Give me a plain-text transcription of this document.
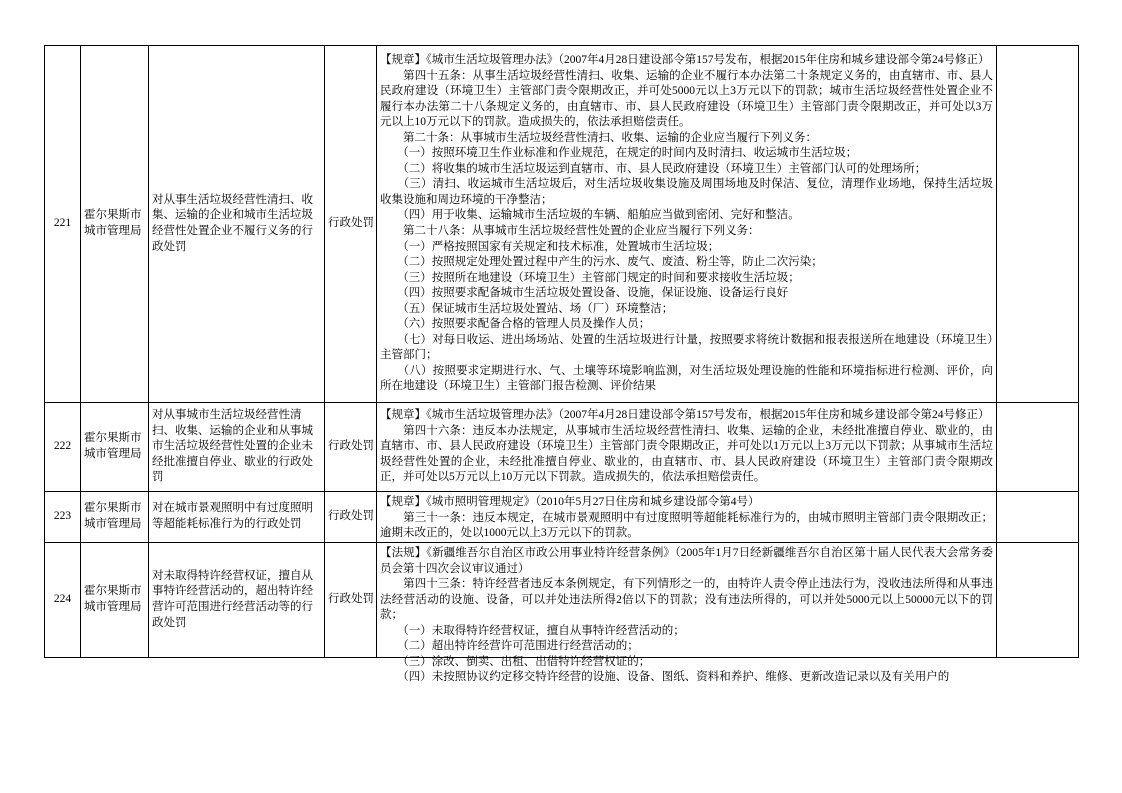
221	霍尔果斯市城市管理局	对从事生活垃圾经营性清扫、收集、运输的企业和城市生活垃圾经营性处置企业不履行义务的行政处罚	行政处罚	

【规章】《城市生活垃圾管理办法》（2007年4月28日建设部令第157号发布，根据2015年住房和城乡建设部令第24号修正）

　　第四十五条：从事生活垃圾经营性清扫、收集、运输的企业不履行本办法第二十条规定义务的，由直辖市、市、县人民政府建设（环境卫生）主管部门责令限期改正，并可处5000元以上3万元以下的罚款；城市生活垃圾经营性处置企业不履行本办法第二十八条规定义务的，由直辖市、市、县人民政府建设（环境卫生）主管部门责令限期改正，并可处以3万元以上10万元以下的罚款。造成损失的，依法承担赔偿责任。

　　第二十条：从事城市生活垃圾经营性清扫、收集、运输的企业应当履行下列义务：

　　（一）按照环境卫生作业标准和作业规范，在规定的时间内及时清扫、收运城市生活垃圾；

　　（二）将收集的城市生活垃圾运到直辖市、市、县人民政府建设（环境卫生）主管部门认可的处理场所；

　　（三）清扫、收运城市生活垃圾后，对生活垃圾收集设施及周围场地及时保洁、复位，清理作业场地，保持生活垃圾收集设施和周边环境的干净整洁；

　　（四）用于收集、运输城市生活垃圾的车辆、船舶应当做到密闭、完好和整洁。

　　第二十八条：从事城市生活垃圾经营性处置的企业应当履行下列义务：

　　（一）严格按照国家有关规定和技术标准，处置城市生活垃圾；

　　（二）按照规定处理处置过程中产生的污水、废气、废渣、粉尘等，防止二次污染；

　　（三）按照所在地建设（环境卫生）主管部门规定的时间和要求接收生活垃圾；

　　（四）按照要求配备城市生活垃圾处置设备、设施，保证设施、设备运行良好

　　（五）保证城市生活垃圾处置站、场（厂）环境整洁；

　　（六）按照要求配备合格的管理人员及操作人员；

　　（七）对每日收运、进出场场站、处置的生活垃圾进行计量，按照要求将统计数据和报表报送所在地建设（环境卫生）主管部门；

　　（八）按照要求定期进行水、气、土壤等环境影响监测，对生活垃圾处理设施的性能和环境指标进行检测、评价，向所在地建设（环境卫生）主管部门报告检测、评价结果

222	霍尔果斯市城市管理局	对从事城市生活垃圾经营性清扫、收集、运输的企业和从事城市生活垃圾经营性处置的企业未经批准擅自停业、歇业的行政处罚	行政处罚	【规章】《城市生活垃圾管理办法》（2007年4月28日建设部令第157号发布，根据2015年住房和城乡建设部令第24号修正）

　　第四十六条：违反本办法规定，从事城市生活垃圾经营性清扫、收集、运输的企业，未经批准擅自停业、歇业的，由直辖市、市、县人民政府建设（环境卫生）主管部门责令限期改正，并可处以1万元以上3万元以下罚款；从事城市生活垃圾经营性处置的企业，未经批准擅自停业、歇业的，由直辖市、市、县人民政府建设（环境卫生）主管部门责令限期改正，并可处以5万元以上10万元以下罚款。造成损失的，依法承担赔偿责任。	

223	霍尔果斯市城市管理局	对在城市景观照明中有过度照明等超能耗标准行为的行政处罚	行政处罚	【规章】《城市照明管理规定》（2010年5月27日住房和城乡建设部令第4号）

　　第三十一条：违反本规定，在城市景观照明中有过度照明等超能耗标准行为的，由城市照明主管部门责令限期改正；逾期未改正的，处以1000元以上3万元以下的罚款。	

224	霍尔果斯市城市管理局	对未取得特许经营权证，擅自从事特许经营活动的，超出特许经营许可范围进行经营活动等的行政处罚	行政处罚	

【法规】《新疆维吾尔自治区市政公用事业特许经营条例》（2005年1月7日经新疆维吾尔自治区第十届人民代表大会常务委员会第十四次会议审议通过）

　　第四十三条：特许经营者违反本条例规定，有下列情形之一的，由特许人责令停止违法行为，没收违法所得和从事违法经营活动的设施、设备，可以并处违法所得2倍以下的罚款；没有违法所得的，可以并处5000元以上50000元以下的罚款；

　　（一）未取得特许经营权证，擅自从事特许经营活动的；

　　（二）超出特许经营许可范围进行经营活动的；

　　（三）涂改、倒卖、出租、出借特许经营权证的；

　　（四）未按照协议约定移交特许经营的设施、设备、图纸、资料和养护、维修、更新改造记录以及有关用户的
